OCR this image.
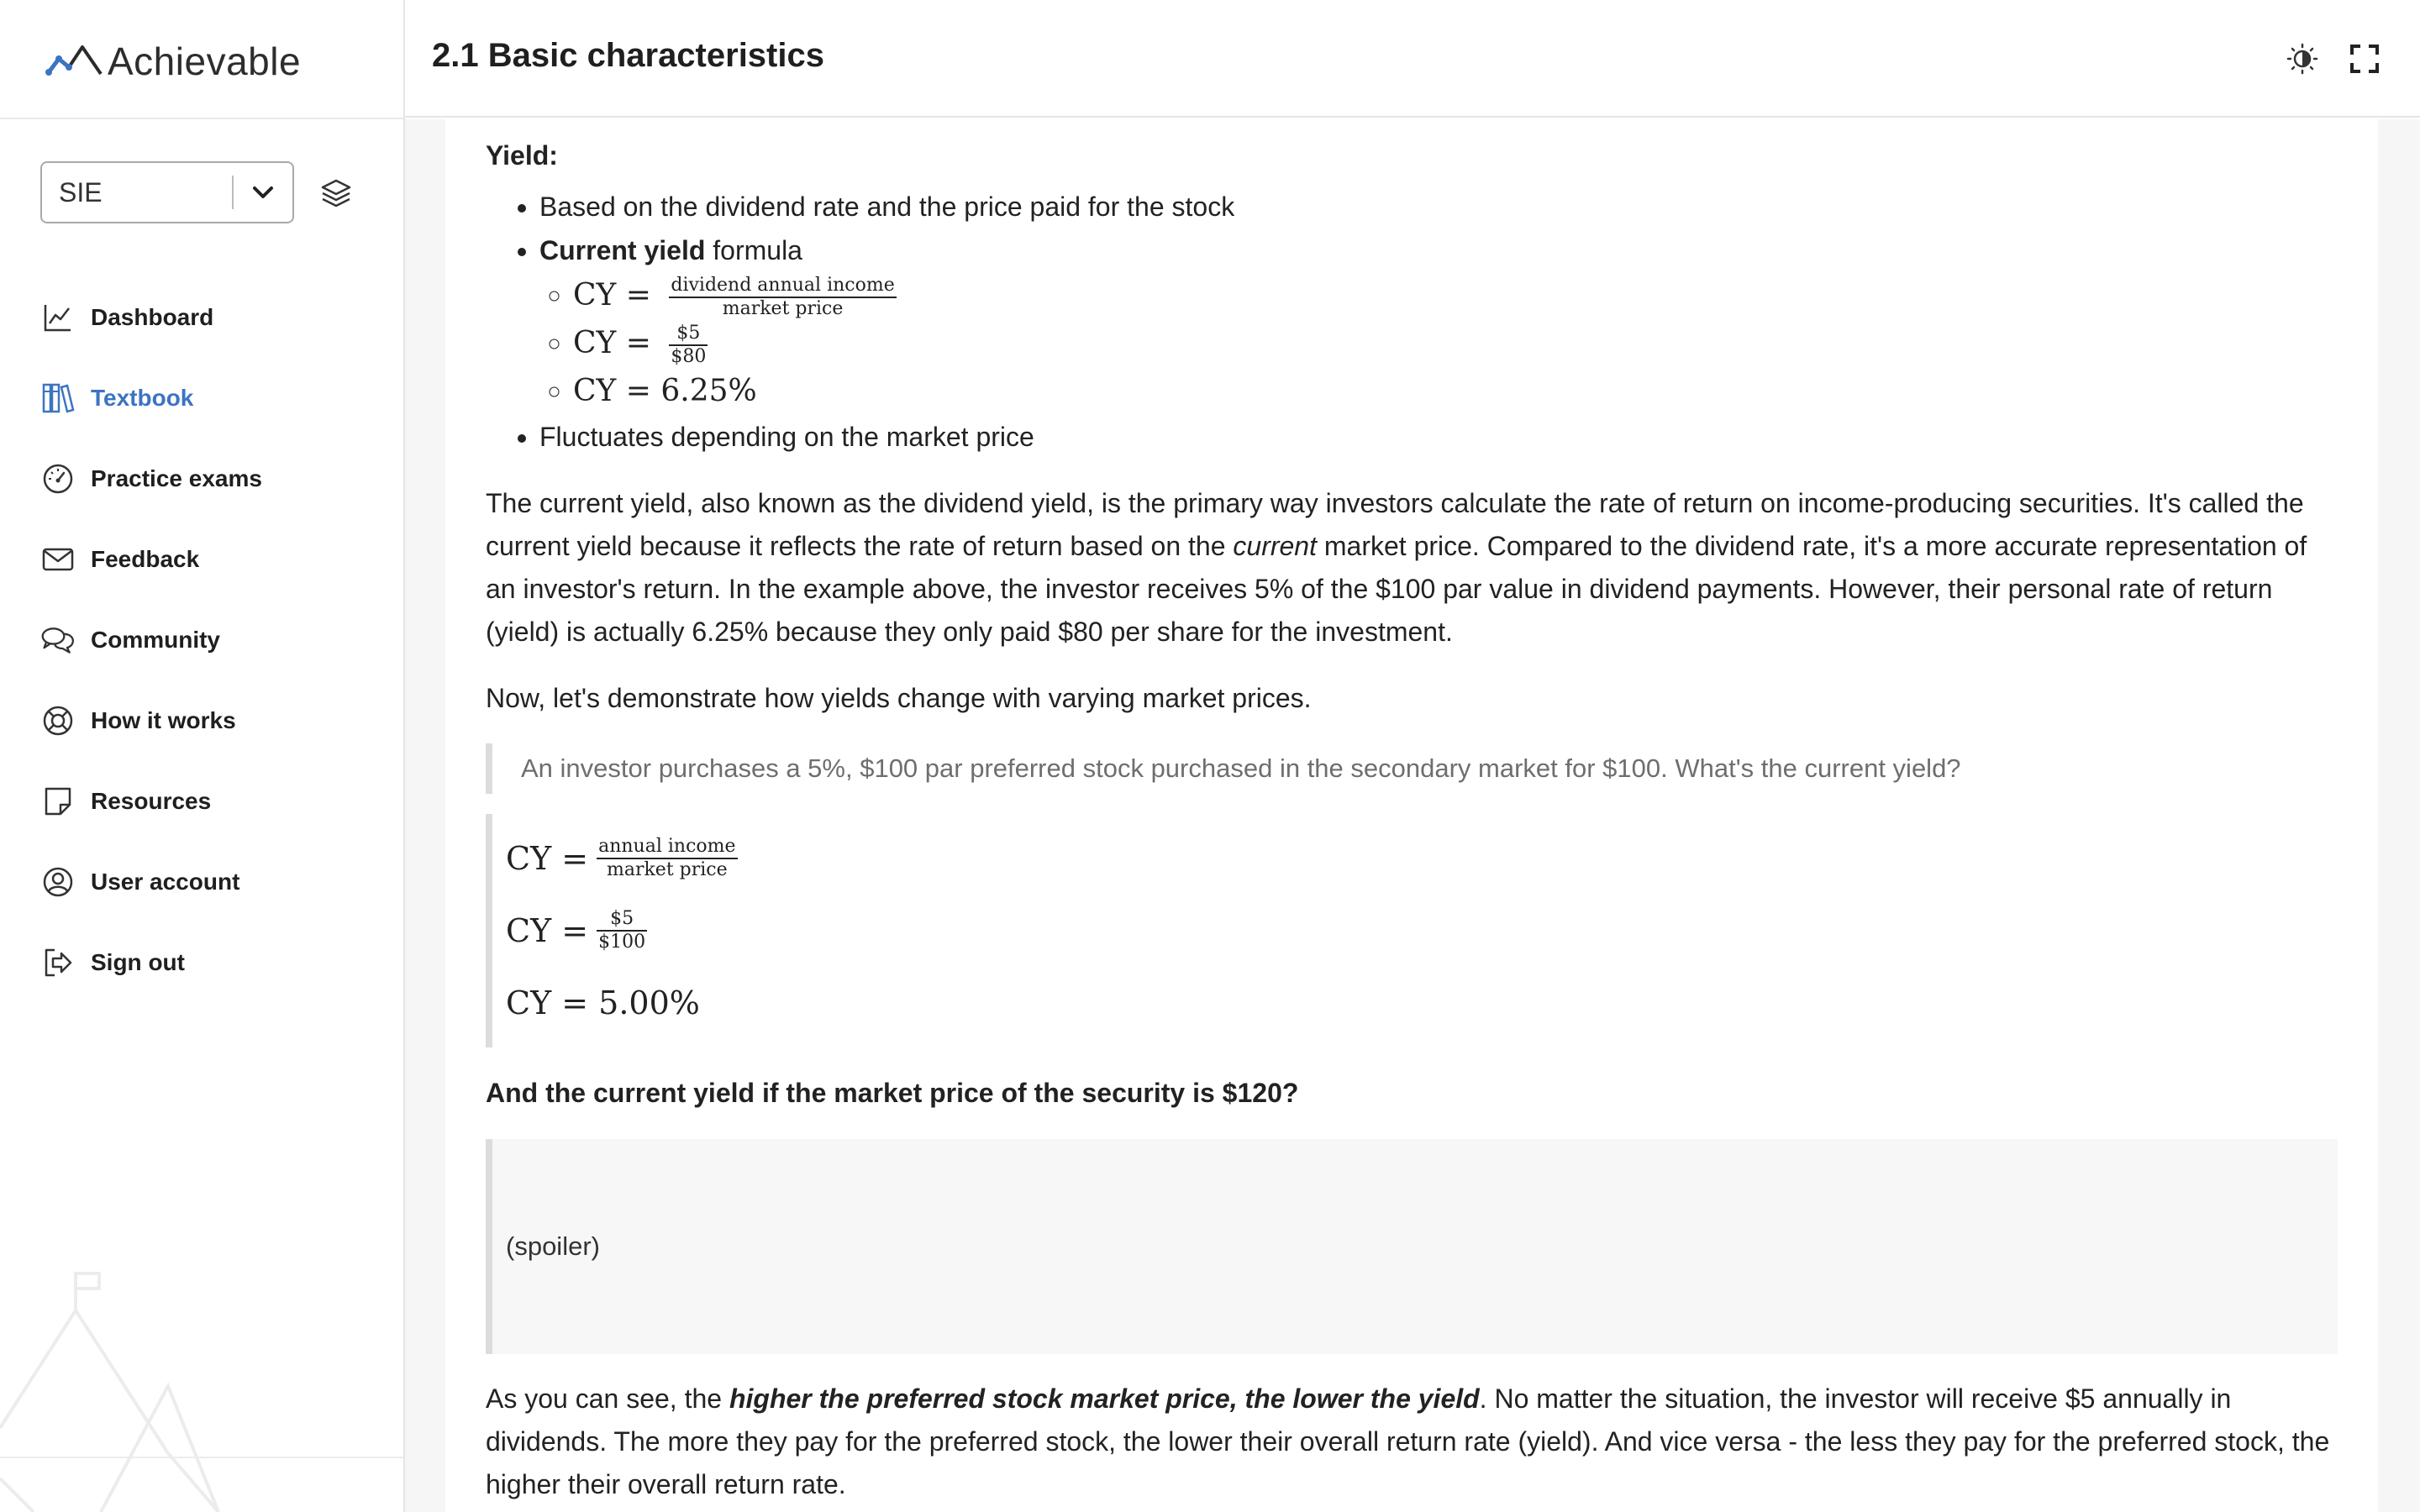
Achievable
SIE
Dashboard
Textbook
Practice exams
Feedback
Community
How it works
Resources
User account
Sign out
2.1 Basic characteristics
Yield:
• Based on the dividend rate and the price paid for the stock
• Current yield formula
◦ CY = $\frac{\text{dividend annual income}}{\text{market price}}$
◦ CY = $\frac{\$5}{\$80}$
◦ CY = 6.25%
• Fluctuates depending on the market price

The current yield, also known as the dividend yield, is the primary way investors calculate the rate of return on income-producing securities. It's called the current yield because it reflects the rate of return based on the current market price. Compared to the dividend rate, it's a more accurate representation of an investor's return. In the example above, the investor receives 5% of the $100 par value in dividend payments. However, their personal rate of return (yield) is actually 6.25% because they only paid $80 per share for the investment.

Now, let's demonstrate how yields change with varying market prices.

An investor purchases a 5%, $100 par preferred stock purchased in the secondary market for $100. What's the current yield?
CY = $\frac{\text{annual income}}{\text{market price}}$
CY = $\frac{\$5}{\$100}$
CY = 5.00%
And the current yield if the market price of the security is $120?
(spoiler)

As you can see, the higher the preferred stock market price, the lower the yield. No matter the situation, the investor will receive $5 annually in dividends. The more they pay for the preferred stock, the lower their overall return rate (yield). And vice versa - the less they pay for the preferred stock, the higher their overall return rate.
